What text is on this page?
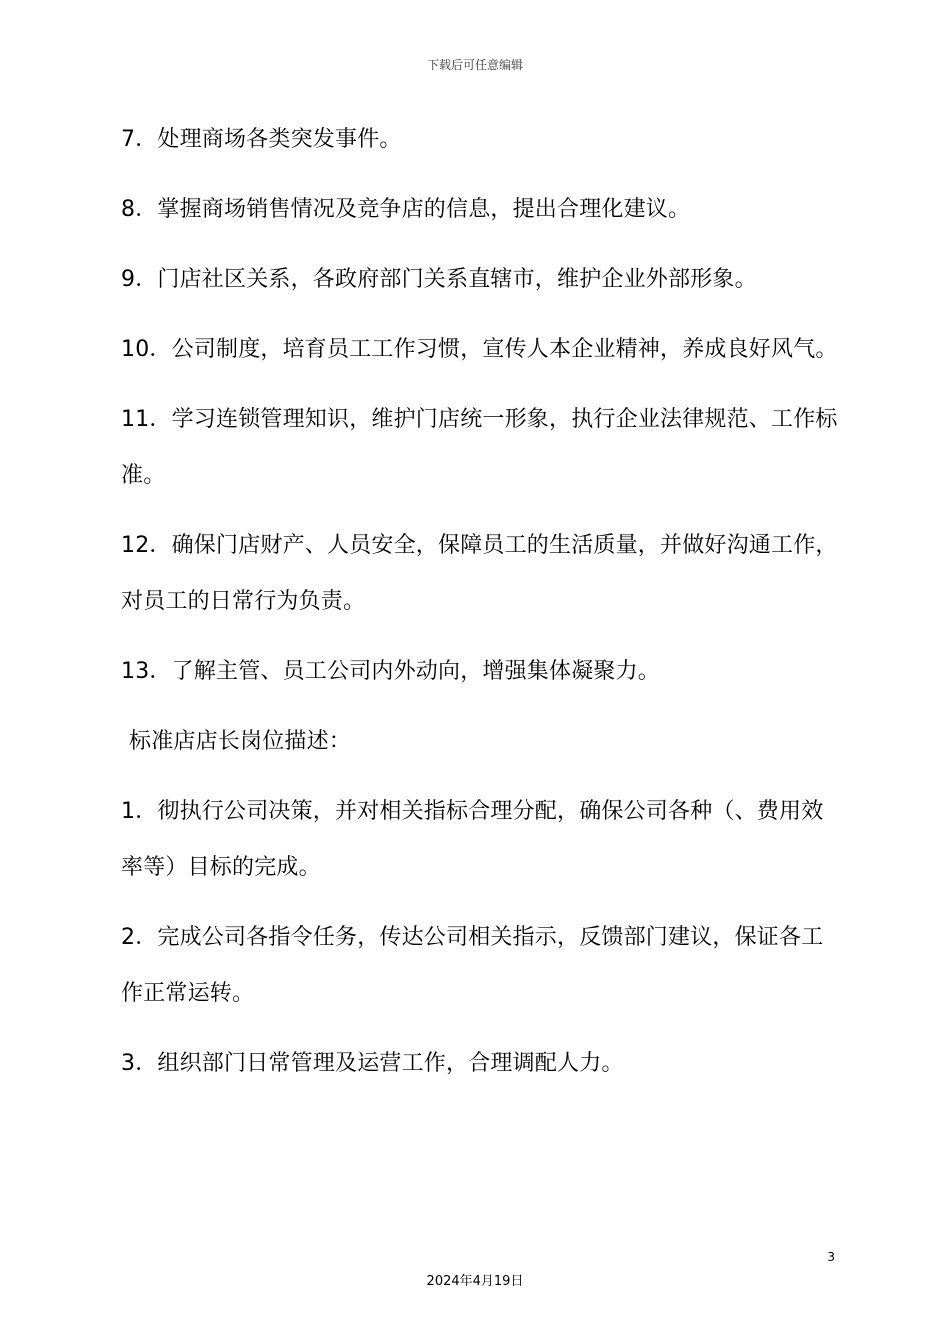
下载后可任意编辑

7．处理商场各类突发事件。

8．掌握商场销售情况及竞争店的信息，提出合理化建议。

9．门店社区关系，各政府部门关系直辖市，维护企业外部形象。

10．公司制度，培育员工工作习惯，宣传人本企业精神，养成良好风气。

11．学习连锁管理知识，维护门店统一形象，执行企业法律规范、工作标准。

12．确保门店财产、人员安全，保障员工的生活质量，并做好沟通工作，对员工的日常行为负责。

13．了解主管、员工公司内外动向，增强集体凝聚力。

标准店店长岗位描述：

1．彻执行公司决策，并对相关指标合理分配，确保公司各种（、费用效率等）目标的完成。

2．完成公司各指令任务，传达公司相关指示，反馈部门建议，保证各工作正常运转。

3．组织部门日常管理及运营工作，合理调配人力。

3
2024年4月19日
